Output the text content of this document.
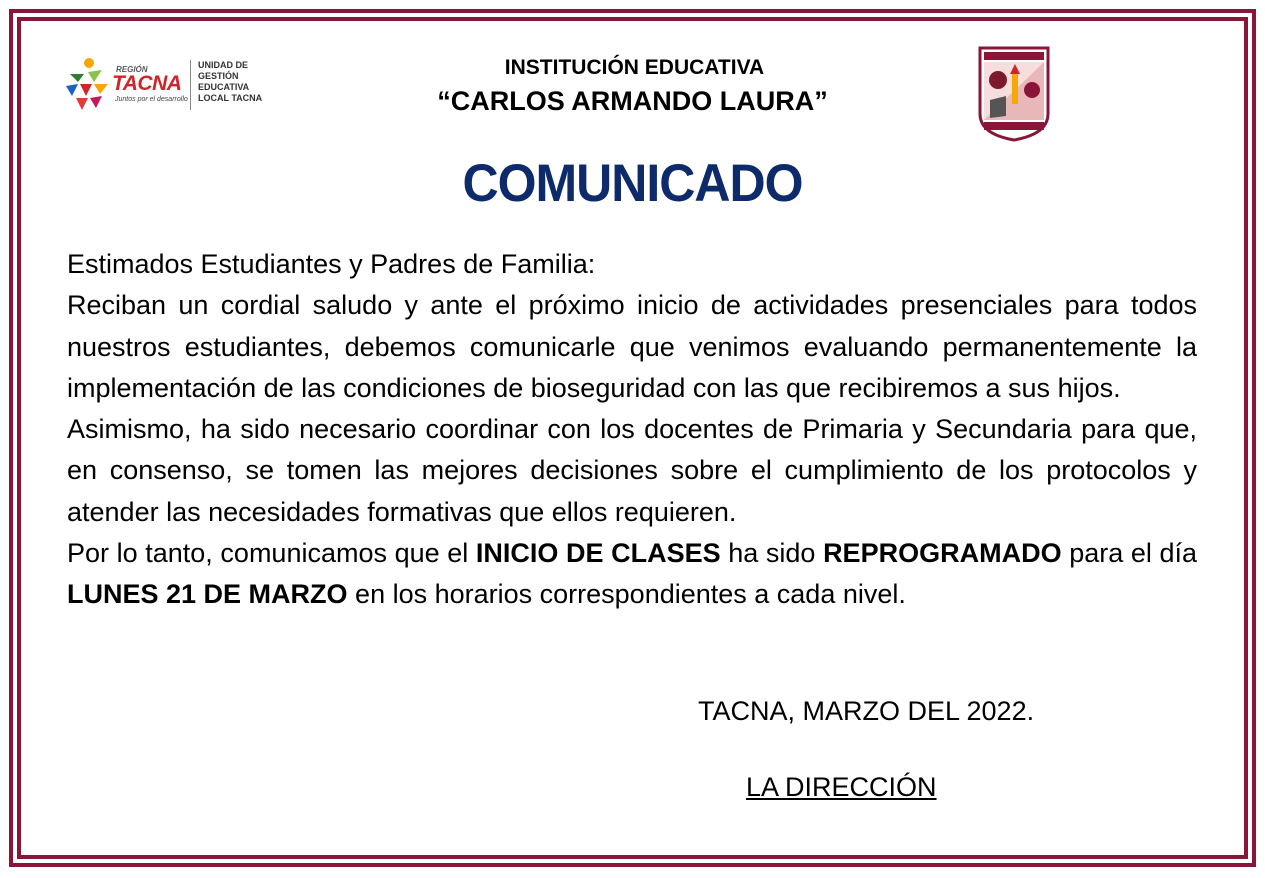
REGIÓN
TACNA
Juntos por el desarrollo
UNIDAD DE
GESTIÓN
EDUCATIVA
LOCAL TACNA
INSTITUCIÓN EDUCATIVA
“CARLOS ARMANDO LAURA”
COMUNICADO

Estimados Estudiantes y Padres de Familia:

Reciban un cordial saludo y ante el próximo inicio de actividades presenciales para todos nuestros estudiantes, debemos comunicarle que venimos evaluando permanentemente la implementación de las condiciones de bioseguridad con las que recibiremos a sus hijos.

Asimismo, ha sido necesario coordinar con los docentes de Primaria y Secundaria para que, en consenso, se tomen las mejores decisiones sobre el cumplimiento de los protocolos y atender las necesidades formativas que ellos requieren.

Por lo tanto, comunicamos que el INICIO DE CLASES ha sido REPROGRAMADO para el día LUNES 21 DE MARZO en los horarios correspondientes a cada nivel.

TACNA, MARZO DEL 2022.
LA DIRECCIÓN
